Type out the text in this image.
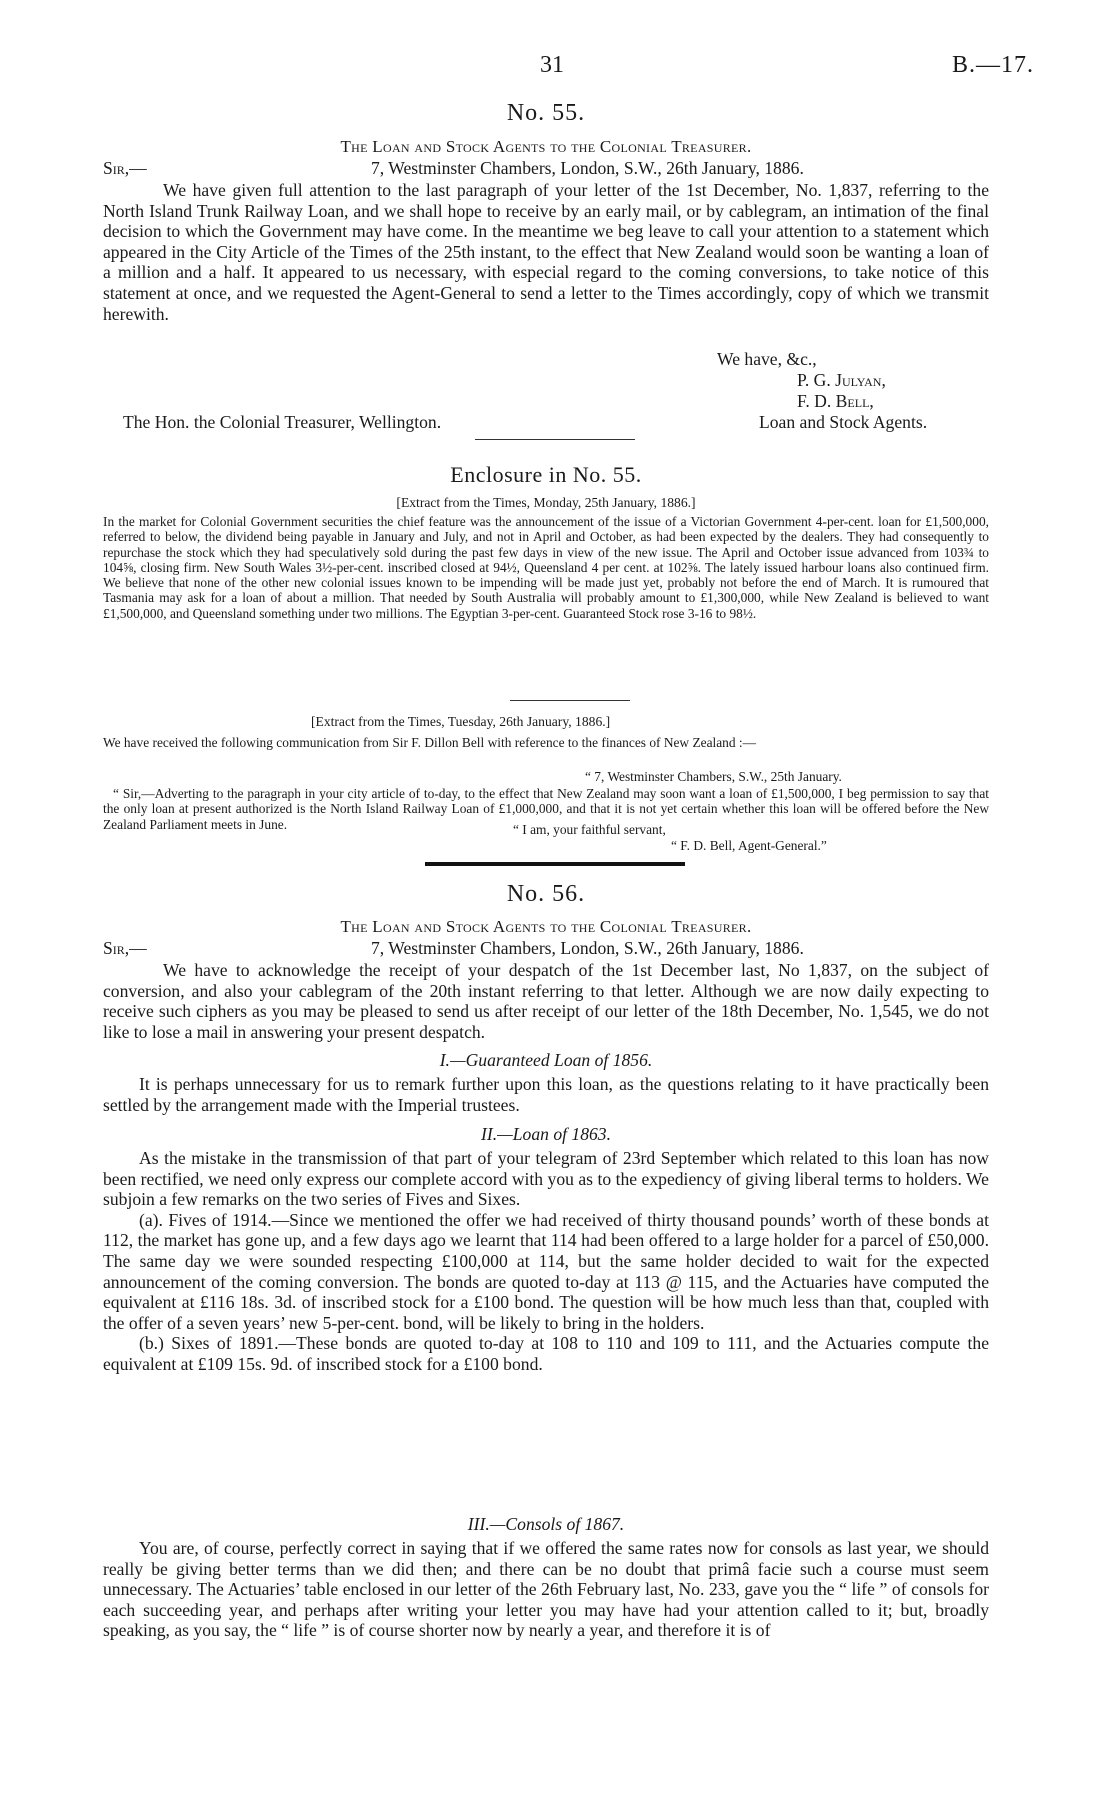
31	B.—17.
No. 55.
The Loan and Stock Agents to the Colonial Treasurer.
Sir,—	7, Westminster Chambers, London, S.W., 26th January, 1886.

We have given full attention to the last paragraph of your letter of the 1st December, No. 1,837, referring to the North Island Trunk Railway Loan, and we shall hope to receive by an early mail, or by cablegram, an intimation of the final decision to which the Government may have come. In the meantime we beg leave to call your attention to a statement which appeared in the City Article of the Times of the 25th instant, to the effect that New Zealand would soon be wanting a loan of a million and a half. It appeared to us necessary, with especial regard to the coming conversions, to take notice of this statement at once, and we requested the Agent-General to send a letter to the Times accordingly, copy of which we transmit herewith.

We have, &c.,
P. G. Julyan,
F. D. Bell,
The Hon. the Colonial Treasurer, Wellington.	Loan and Stock Agents.
Enclosure in No. 55.
[Extract from the Times, Monday, 25th January, 1886.]

In the market for Colonial Government securities the chief feature was the announcement of the issue of a Victorian Government 4-per-cent. loan for £1,500,000, referred to below, the dividend being payable in January and July, and not in April and October, as had been expected by the dealers. They had consequently to repurchase the stock which they had speculatively sold during the past few days in view of the new issue. The April and October issue advanced from 103¾ to 104⅝, closing firm. New South Wales 3½-per-cent. inscribed closed at 94½, Queensland 4 per cent. at 102⅝. The lately issued harbour loans also continued firm. We believe that none of the other new colonial issues known to be impending will be made just yet, probably not before the end of March. It is rumoured that Tasmania may ask for a loan of about a million. That needed by South Australia will probably amount to £1,300,000, while New Zealand is believed to want £1,500,000, and Queensland something under two millions. The Egyptian 3-per-cent. Guaranteed Stock rose 3-16 to 98½.

[Extract from the Times, Tuesday, 26th January, 1886.]

We have received the following communication from Sir F. Dillon Bell with reference to the finances of New Zealand :—

“ 7, Westminster Chambers, S.W., 25th January.

“ Sir,—Adverting to the paragraph in your city article of to-day, to the effect that New Zealand may soon want a loan of £1,500,000, I beg permission to say that the only loan at present authorized is the North Island Railway Loan of £1,000,000, and that it is not yet certain whether this loan will be offered before the New Zealand Parliament meets in June.	“ I am, your faithful servant,
“ F. D. Bell, Agent-General.”
No. 56.
The Loan and Stock Agents to the Colonial Treasurer.
Sir,—	7, Westminster Chambers, London, S.W., 26th January, 1886.

We have to acknowledge the receipt of your despatch of the 1st December last, No 1,837, on the subject of conversion, and also your cablegram of the 20th instant referring to that letter. Although we are now daily expecting to receive such ciphers as you may be pleased to send us after receipt of our letter of the 18th December, No. 1,545, we do not like to lose a mail in answering your present despatch.

I.—Guaranteed Loan of 1856.

It is perhaps unnecessary for us to remark further upon this loan, as the questions relating to it have practically been settled by the arrangement made with the Imperial trustees.

II.—Loan of 1863.

As the mistake in the transmission of that part of your telegram of 23rd September which related to this loan has now been rectified, we need only express our complete accord with you as to the expediency of giving liberal terms to holders. We subjoin a few remarks on the two series of Fives and Sixes.

(a). Fives of 1914.—Since we mentioned the offer we had received of thirty thousand pounds’ worth of these bonds at 112, the market has gone up, and a few days ago we learnt that 114 had been offered to a large holder for a parcel of £50,000. The same day we were sounded respecting £100,000 at 114, but the same holder decided to wait for the expected announcement of the coming conversion. The bonds are quoted to-day at 113 @ 115, and the Actuaries have computed the equivalent at £116 18s. 3d. of inscribed stock for a £100 bond. The question will be how much less than that, coupled with the offer of a seven years’ new 5-per-cent. bond, will be likely to bring in the holders.

(b.) Sixes of 1891.—These bonds are quoted to-day at 108 to 110 and 109 to 111, and the Actuaries compute the equivalent at £109 15s. 9d. of inscribed stock for a £100 bond.

III.—Consols of 1867.

You are, of course, perfectly correct in saying that if we offered the same rates now for consols as last year, we should really be giving better terms than we did then; and there can be no doubt that primâ facie such a course must seem unnecessary. The Actuaries’ table enclosed in our letter of the 26th February last, No. 233, gave you the “ life ” of consols for each succeeding year, and perhaps after writing your letter you may have had your attention called to it; but, broadly speaking, as you say, the “ life ” is of course shorter now by nearly a year, and therefore it is of
